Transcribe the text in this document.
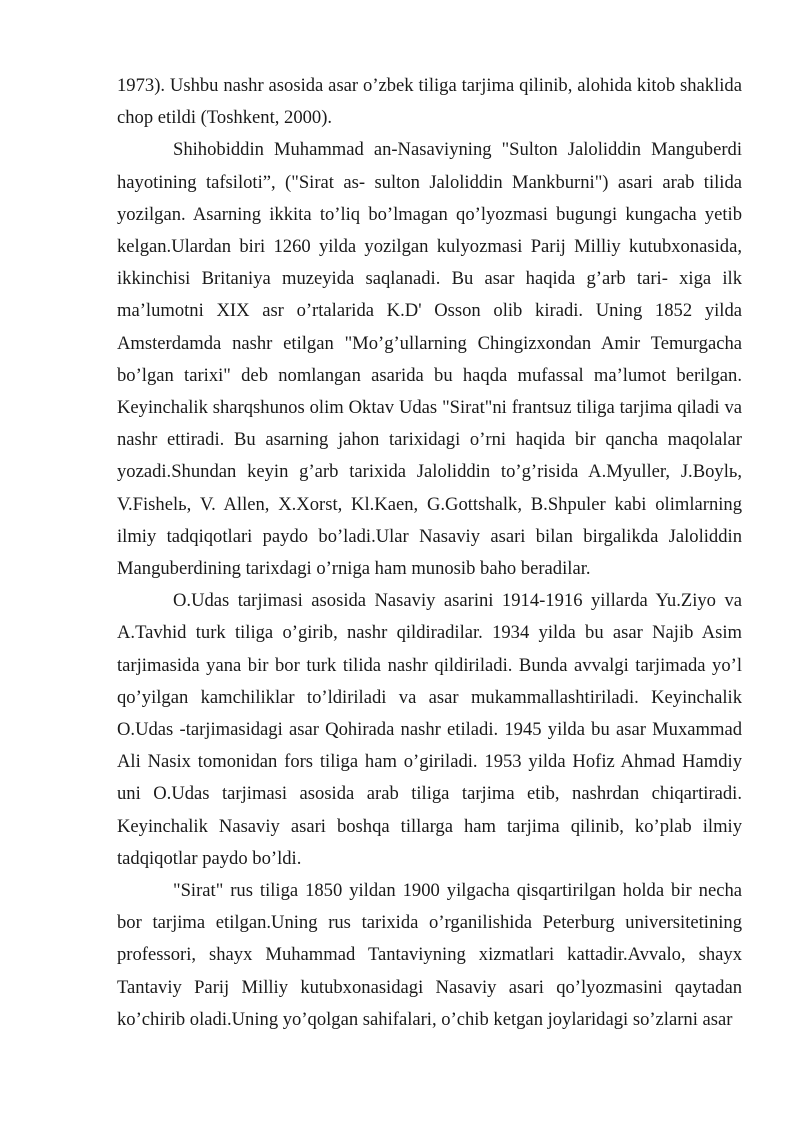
1973). Ushbu nashr asosida asar o’zbek tiliga tarjima qilinib, alohida kitob shaklida chop etildi (Toshkent, 2000).

Shihobiddin Muhammad an-Nasaviyning "Sulton Jaloliddin Manguberdi hayotining tafsiloti”, ("Sirat as- sulton Jaloliddin Mankburni") asari arab tilida yozilgan. Asarning ikkita to’liq bo’lmagan qo’lyozmasi bugungi kungacha yetib kelgan.Ulardan biri 1260 yilda yozilgan kulyozmasi Parij Milliy kutubxonasida, ikkinchisi Britaniya muzeyida saqlanadi. Bu asar haqida g’arb tari- xiga ilk ma’lumotni XIX asr o’rtalarida K.D' Osson olib kiradi. Uning 1852 yilda Amsterdamda nashr etilgan "Mo’g’ullarning Chingizxondan Amir Temurgacha bo’lgan tarixi" deb nomlangan asarida bu haqda mufassal ma’lumot berilgan. Keyinchalik sharqshunos olim Oktav Udas "Sirat"ni frantsuz tiliga tarjima qiladi va nashr ettiradi. Bu asarning jahon tarixidagi o’rni haqida bir qancha maqolalar yozadi.Shundan keyin g’arb tarixida Jaloliddin to’g’risida A.Myuller, J.Boylь, V.Fishelь, V. Allen, X.Xorst, Kl.Kaen, G.Gottshalk, B.Shpuler kabi olimlarning ilmiy tadqiqotlari paydo bo’ladi.Ular Nasaviy asari bilan birgalikda Jaloliddin Manguberdining tarixdagi o’rniga ham munosib baho beradilar.

O.Udas tarjimasi asosida Nasaviy asarini 1914-1916 yillarda Yu.Ziyo va A.Tavhid turk tiliga o’girib, nashr qildiradilar. 1934 yilda bu asar Najib Asim tarjimasida yana bir bor turk tilida nashr qildiriladi. Bunda avvalgi tarjimada yo’l qo’yilgan kamchiliklar to’ldiriladi va asar mukammallashtiriladi. Keyinchalik O.Udas -tarjimasidagi asar Qohirada nashr etiladi. 1945 yilda bu asar Muxammad Ali Nasix tomonidan fors tiliga ham o’giriladi. 1953 yilda Hofiz Ahmad Hamdiy uni O.Udas tarjimasi asosida arab tiliga tarjima etib, nashrdan chiqartiradi. Keyinchalik Nasaviy asari boshqa tillarga ham tarjima qilinib, ko’plab ilmiy tadqiqotlar paydo bo’ldi.

"Sirat" rus tiliga 1850 yildan 1900 yilgacha qisqartirilgan holda bir necha bor tarjima etilgan.Uning rus tarixida o’rganilishida Peterburg universitetining professori, shayx Muhammad Tantaviyning xizmatlari kattadir.Avvalo, shayx Tantaviy Parij Milliy kutubxonasidagi Nasaviy asari qo’lyozmasini qaytadan ko’chirib oladi.Uning yo’qolgan sahifalari, o’chib ketgan joylaridagi so’zlarni asar
